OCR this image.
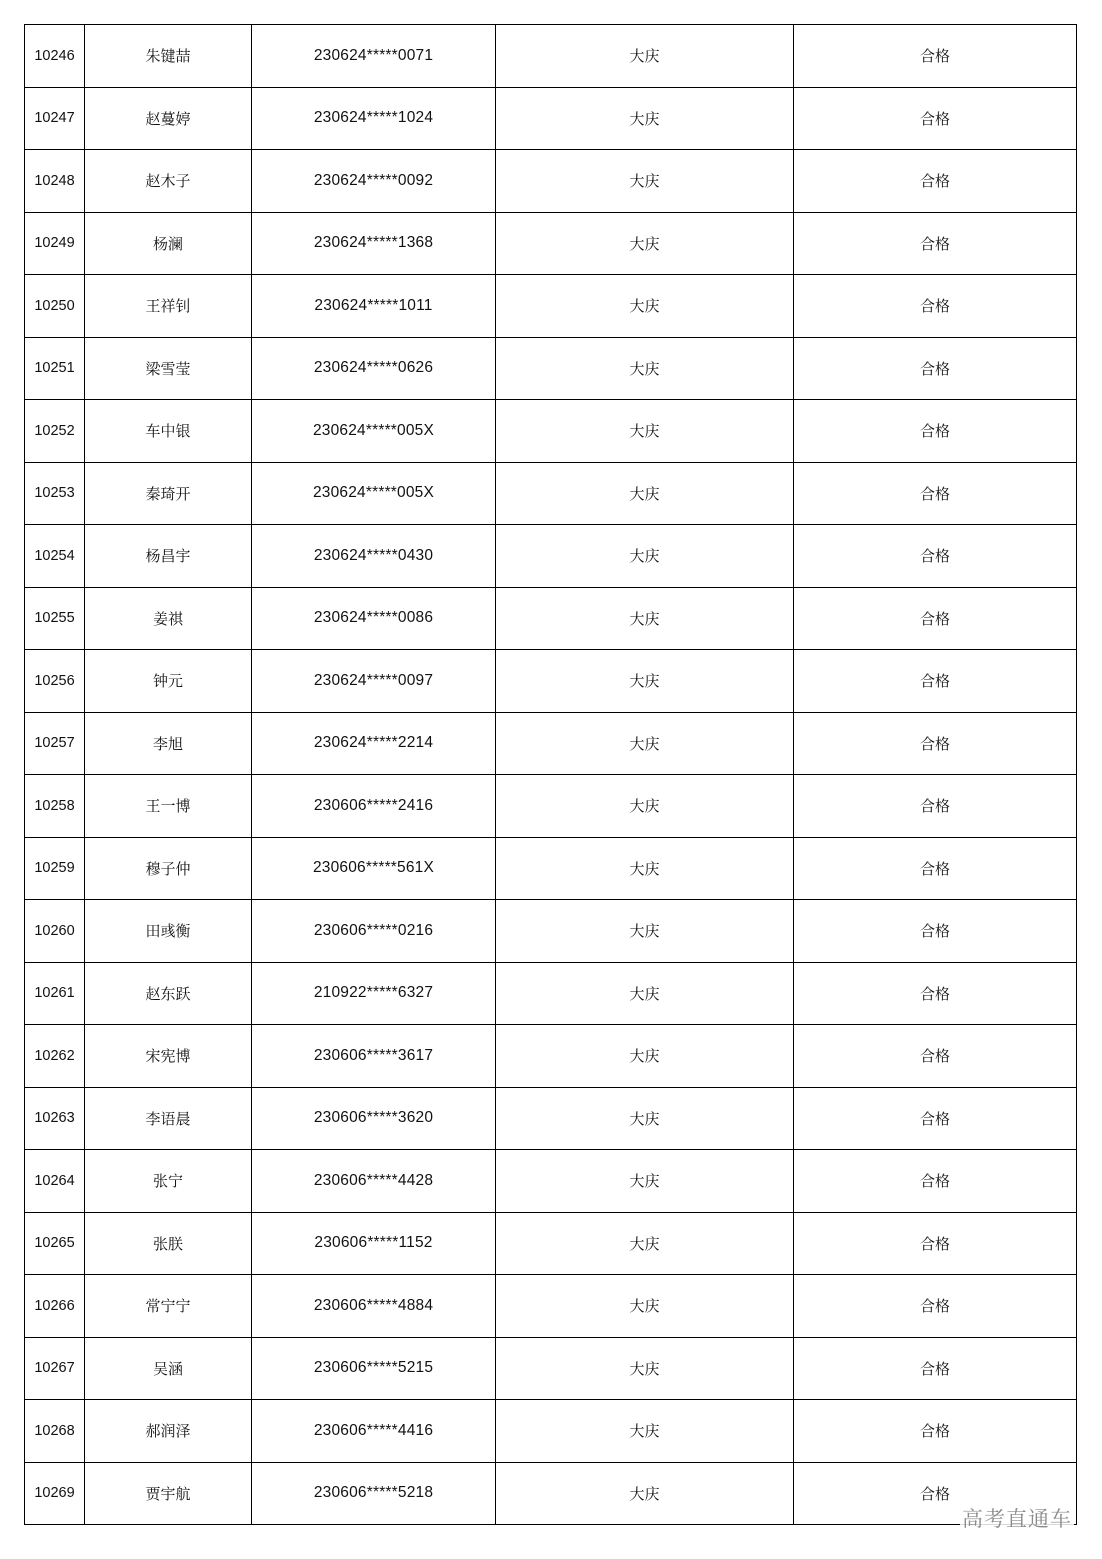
10246	朱键喆	230624*****0071	大庆	合格
10247	赵蔓婷	230624*****1024	大庆	合格
10248	赵木子	230624*****0092	大庆	合格
10249	杨澜	230624*****1368	大庆	合格
10250	王祥钊	230624*****1011	大庆	合格
10251	梁雪莹	230624*****0626	大庆	合格
10252	车中银	230624*****005X	大庆	合格
10253	秦琦开	230624*****005X	大庆	合格
10254	杨昌宇	230624*****0430	大庆	合格
10255	姜祺	230624*****0086	大庆	合格
10256	钟元	230624*****0097	大庆	合格
10257	李旭	230624*****2214	大庆	合格
10258	王一博	230606*****2416	大庆	合格
10259	穆子仲	230606*****561X	大庆	合格
10260	田彧衡	230606*****0216	大庆	合格
10261	赵东跃	210922*****6327	大庆	合格
10262	宋宪博	230606*****3617	大庆	合格
10263	李语晨	230606*****3620	大庆	合格
10264	张宁	230606*****4428	大庆	合格
10265	张朕	230606*****1152	大庆	合格
10266	常宁宁	230606*****4884	大庆	合格
10267	吴涵	230606*****5215	大庆	合格
10268	郝润泽	230606*****4416	大庆	合格
10269	贾宇航	230606*****5218	大庆	合格
高考直通车
